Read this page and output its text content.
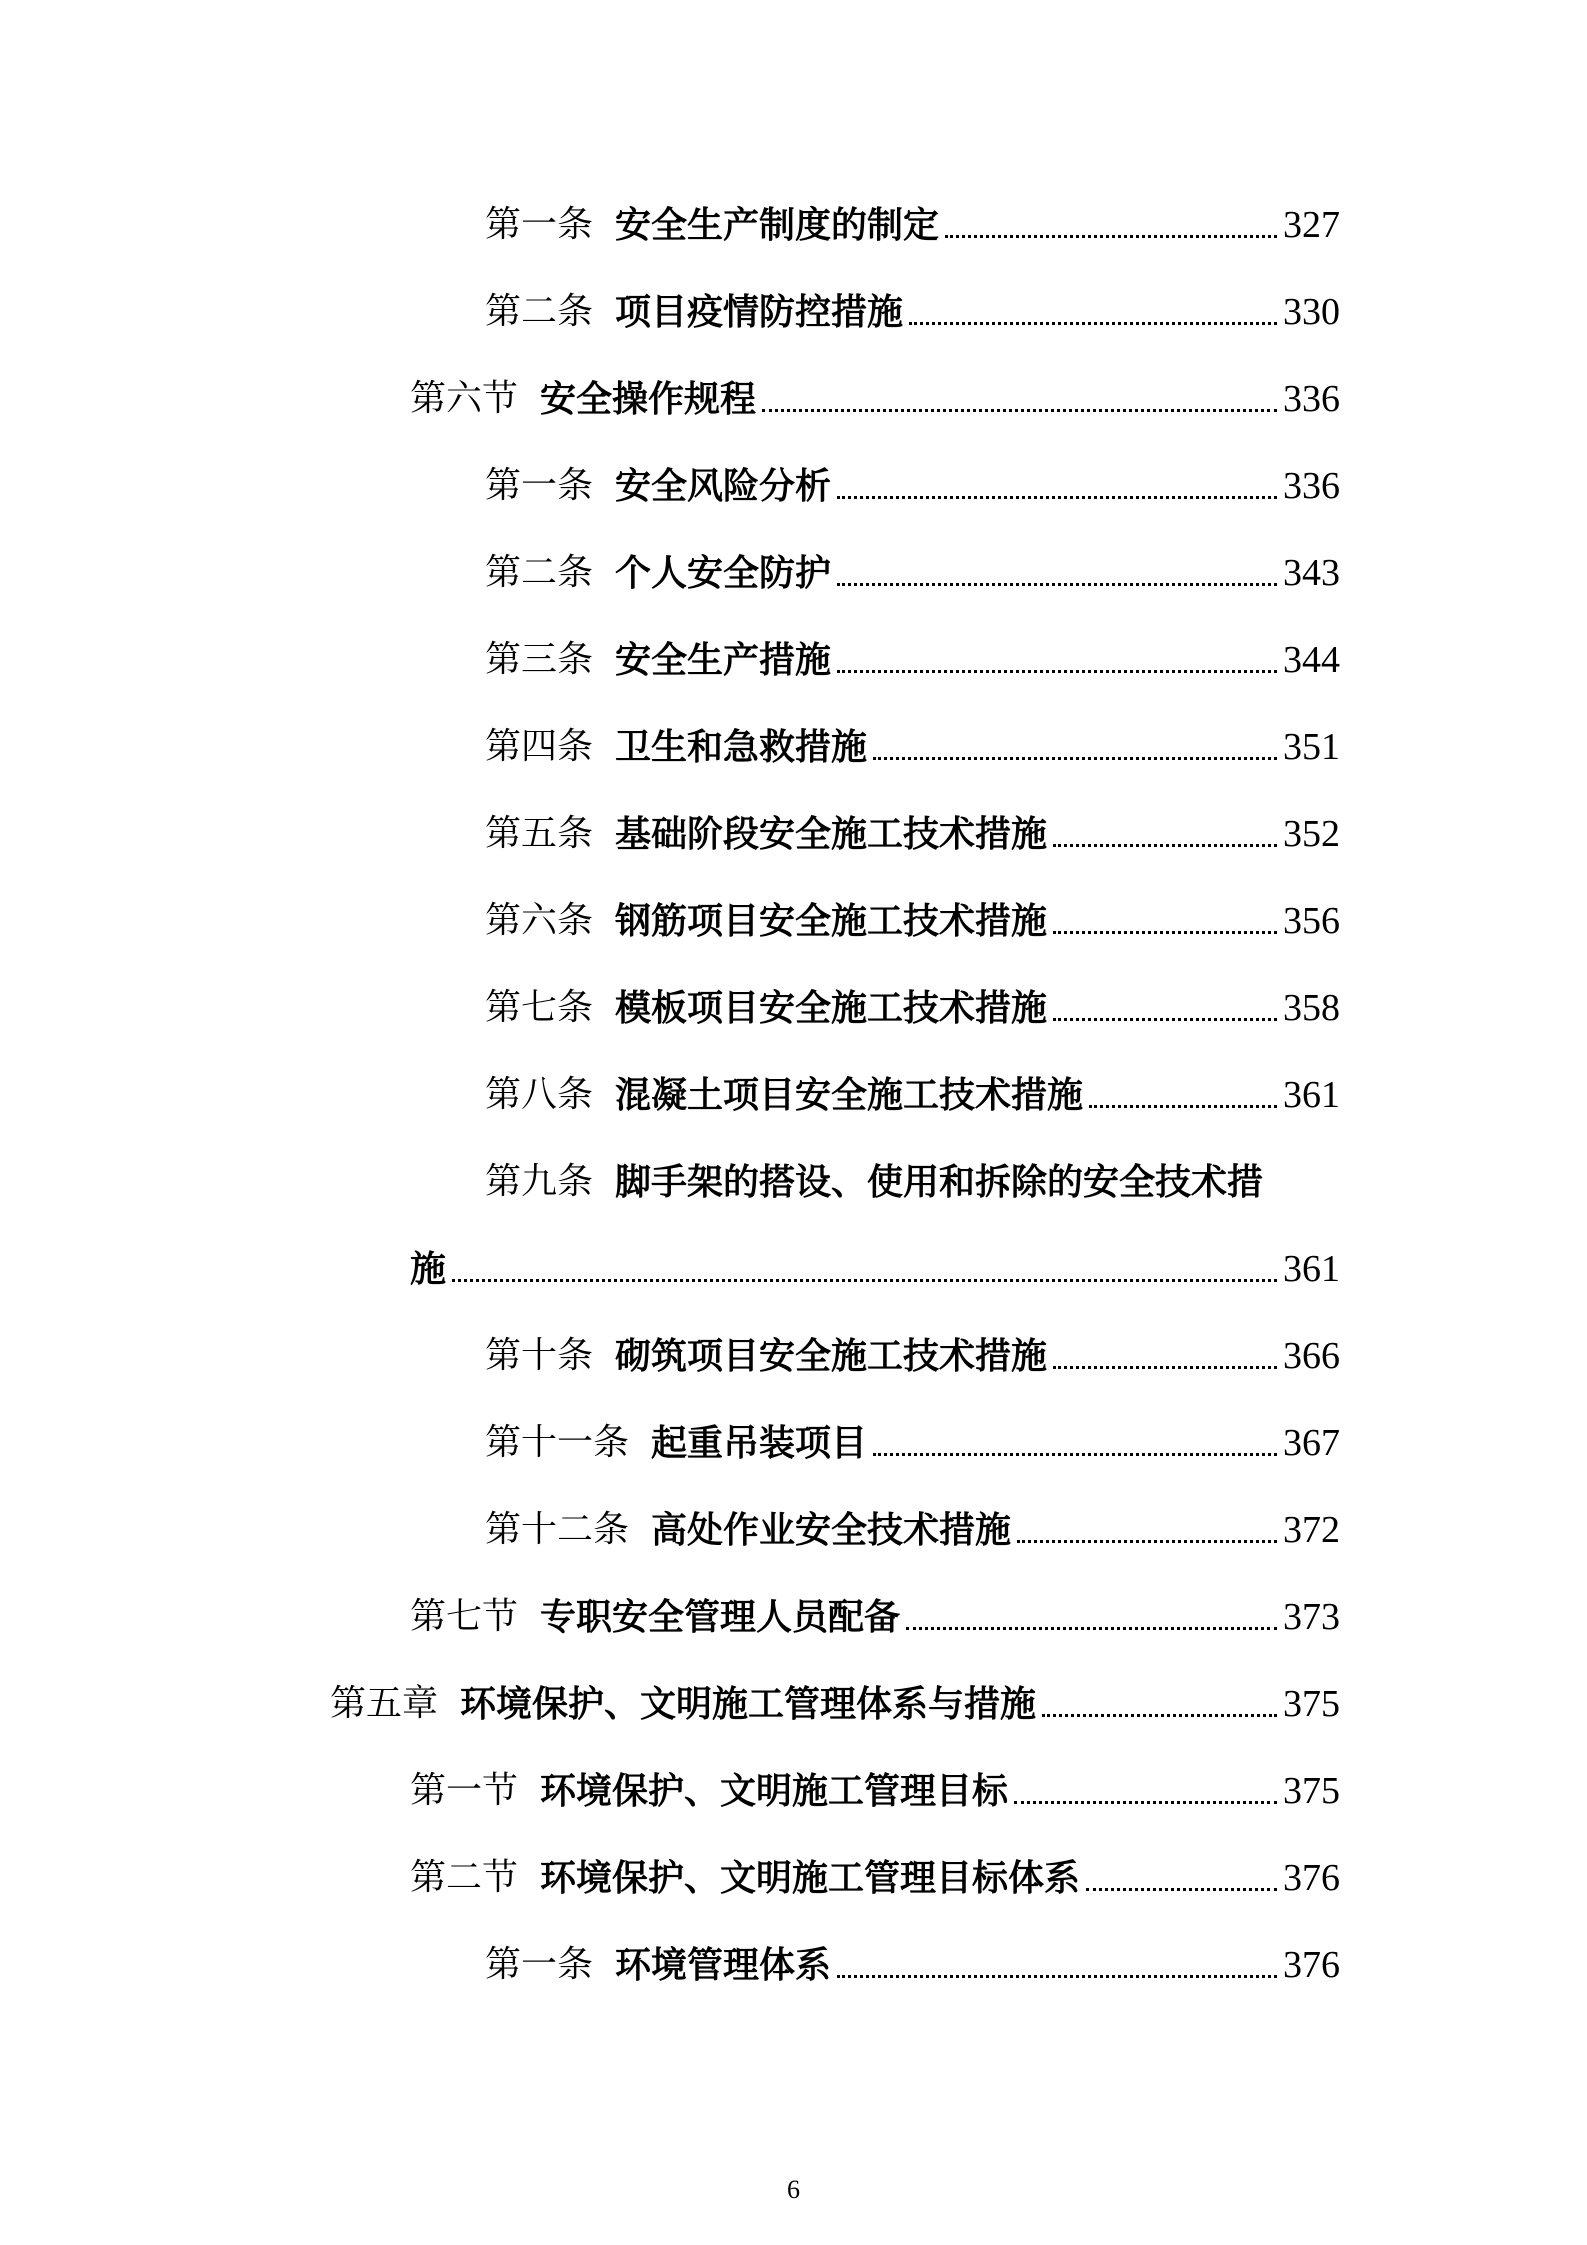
第一条 安全生产制度的制定	327
第二条 项目疫情防控措施	330
第六节 安全操作规程	336
第一条 安全风险分析	336
第二条 个人安全防护	343
第三条 安全生产措施	344
第四条 卫生和急救措施	351
第五条 基础阶段安全施工技术措施	352
第六条 钢筋项目安全施工技术措施	356
第七条 模板项目安全施工技术措施	358
第八条 混凝土项目安全施工技术措施	361
第九条 脚手架的搭设、使用和拆除的安全技术措
施	361
第十条 砌筑项目安全施工技术措施	366
第十一条 起重吊装项目	367
第十二条 高处作业安全技术措施	372
第七节 专职安全管理人员配备	373
第五章 环境保护、文明施工管理体系与措施	375
第一节 环境保护、文明施工管理目标	375
第二节 环境保护、文明施工管理目标体系	376
第一条 环境管理体系	376
6
